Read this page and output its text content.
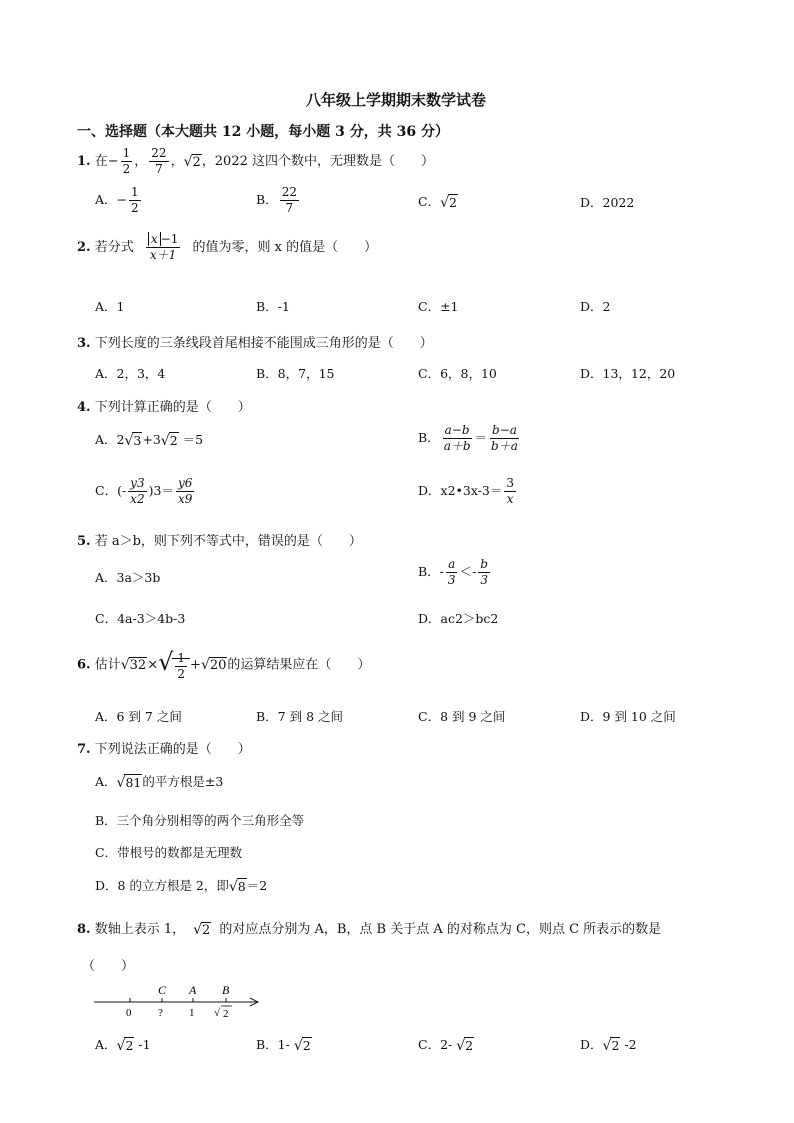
八年级上学期期末数学试卷
一、选择题（本大题共 12 小题，每小题 3 分，共 36 分）
1. 在− $\frac{1}{2}$ ， $\frac{22}{7}$ ，√2，2022 这四个数中，无理数是（　　）
A．− $\frac{1}{2}$	B． $\frac{22}{7}$	C．√2	D．2022
2. 若分式 $\frac{x -1}{x+1}$ 的值为零，则 x 的值是（　　）
A．1	B．-1	C．±1	D．2
3. 下列长度的三条线段首尾相接不能围成三角形的是（　　）
A．2，3，4	B．8，7，15	C．6，8，10	D．13，12，20
4. 下列计算正确的是（　　）
A．2√3+3√2 ＝5	B． $\frac{a-b}{a+b} = \frac{b-a}{b+a}$
C．(- $\frac{y3}{x2} )3= \frac{y6}{x9}$	D．x2•3x-3＝ $\frac{3}{x}$
5. 若 a＞b，则下列不等式中，错误的是（　　）
A．3a＞3b	B．- $\frac{a}{3} <- \frac{b}{3}$
C．4a-3＞4b-3	D．ac2＞bc2
6. 估计$√32\times√ \frac{1}{2} +√20$的运算结果应在（　　）
A．6 到 7 之间	B．7 到 8 之间	C．8 到 9 之间	D．9 到 10 之间
7. 下列说法正确的是（　　）
A．√81的平方根是±3
B．三个角分别相等的两个三角形全等
C．带根号的数都是无理数
D．8 的立方根是 2，即√8＝2
8. 数轴上表示 1， √2 的对应点分别为 A，B，点 B 关于点 A 的对称点为 C，则点 C 所表示的数是
（　　）
C A B
0 ? 1 √ 2
A．√2 -1	B．1- √2	C．2- √2	D．√2 -2
